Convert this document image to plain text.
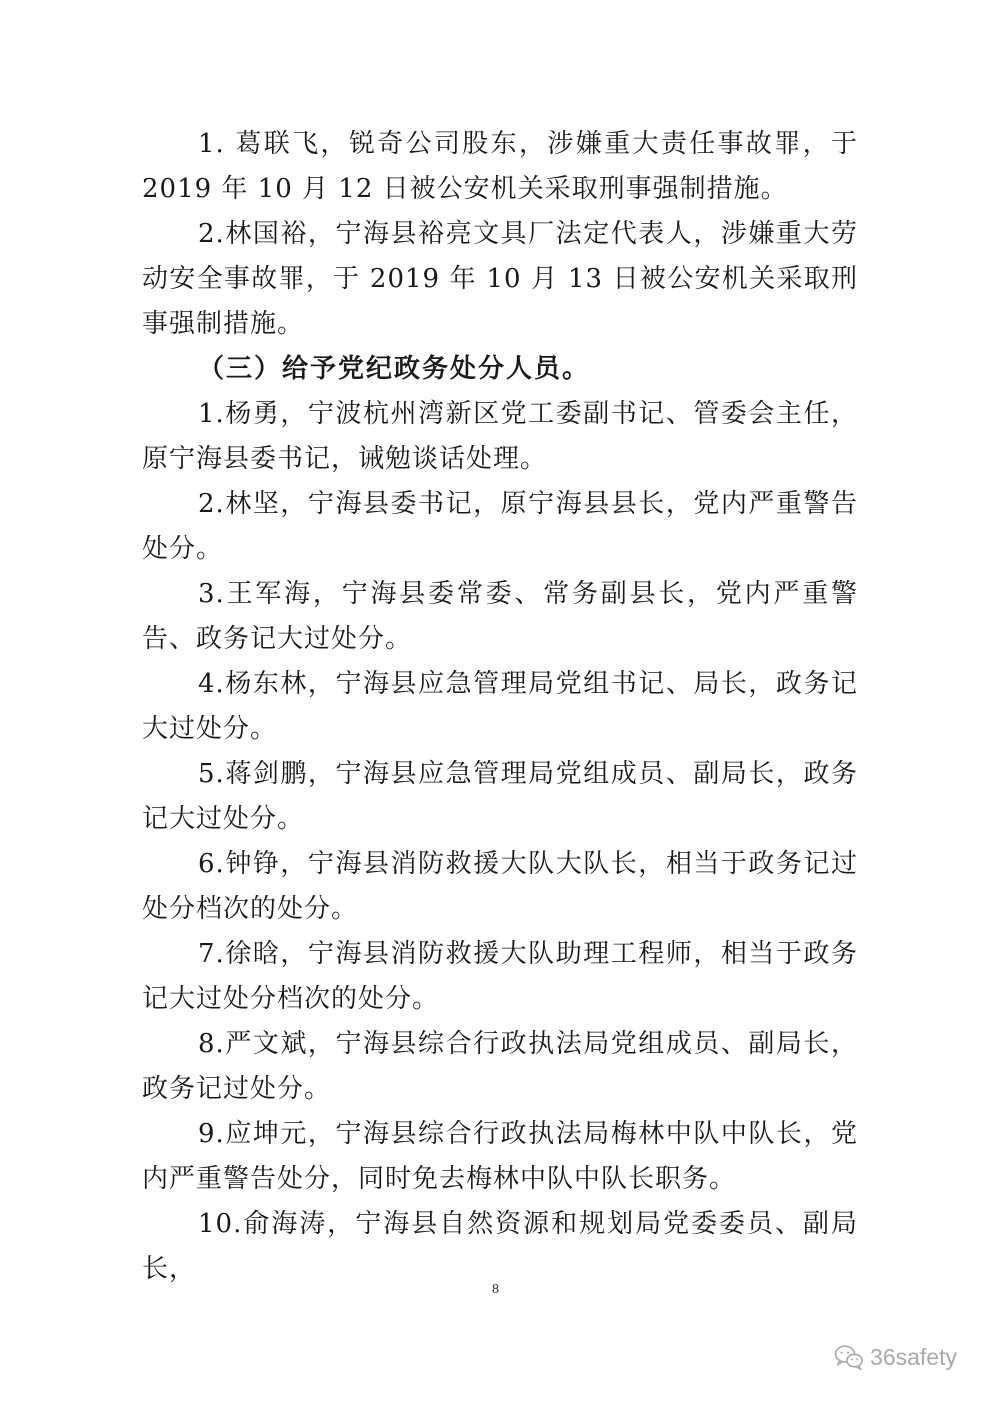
1. 葛联飞，锐奇公司股东，涉嫌重大责任事故罪，于 2019 年 10 月 12 日被公安机关采取刑事强制措施。

2.林国裕，宁海县裕亮文具厂法定代表人，涉嫌重大劳动安全事故罪，于 2019 年 10 月 13 日被公安机关采取刑事强制措施。

（三）给予党纪政务处分人员。

1.杨勇，宁波杭州湾新区党工委副书记、管委会主任，原宁海县委书记，诫勉谈话处理。

2.林坚，宁海县委书记，原宁海县县长，党内严重警告处分。

3.王军海，宁海县委常委、常务副县长，党内严重警告、政务记大过处分。

4.杨东林，宁海县应急管理局党组书记、局长，政务记大过处分。

5.蒋剑鹏，宁海县应急管理局党组成员、副局长，政务记大过处分。

6.钟铮，宁海县消防救援大队大队长，相当于政务记过处分档次的处分。

7.徐晗，宁海县消防救援大队助理工程师，相当于政务记大过处分档次的处分。

8.严文斌，宁海县综合行政执法局党组成员、副局长，政务记过处分。

9.应坤元，宁海县综合行政执法局梅林中队中队长，党内严重警告处分，同时免去梅林中队中队长职务。

10.俞海涛，宁海县自然资源和规划局党委委员、副局长，

8
36safety
